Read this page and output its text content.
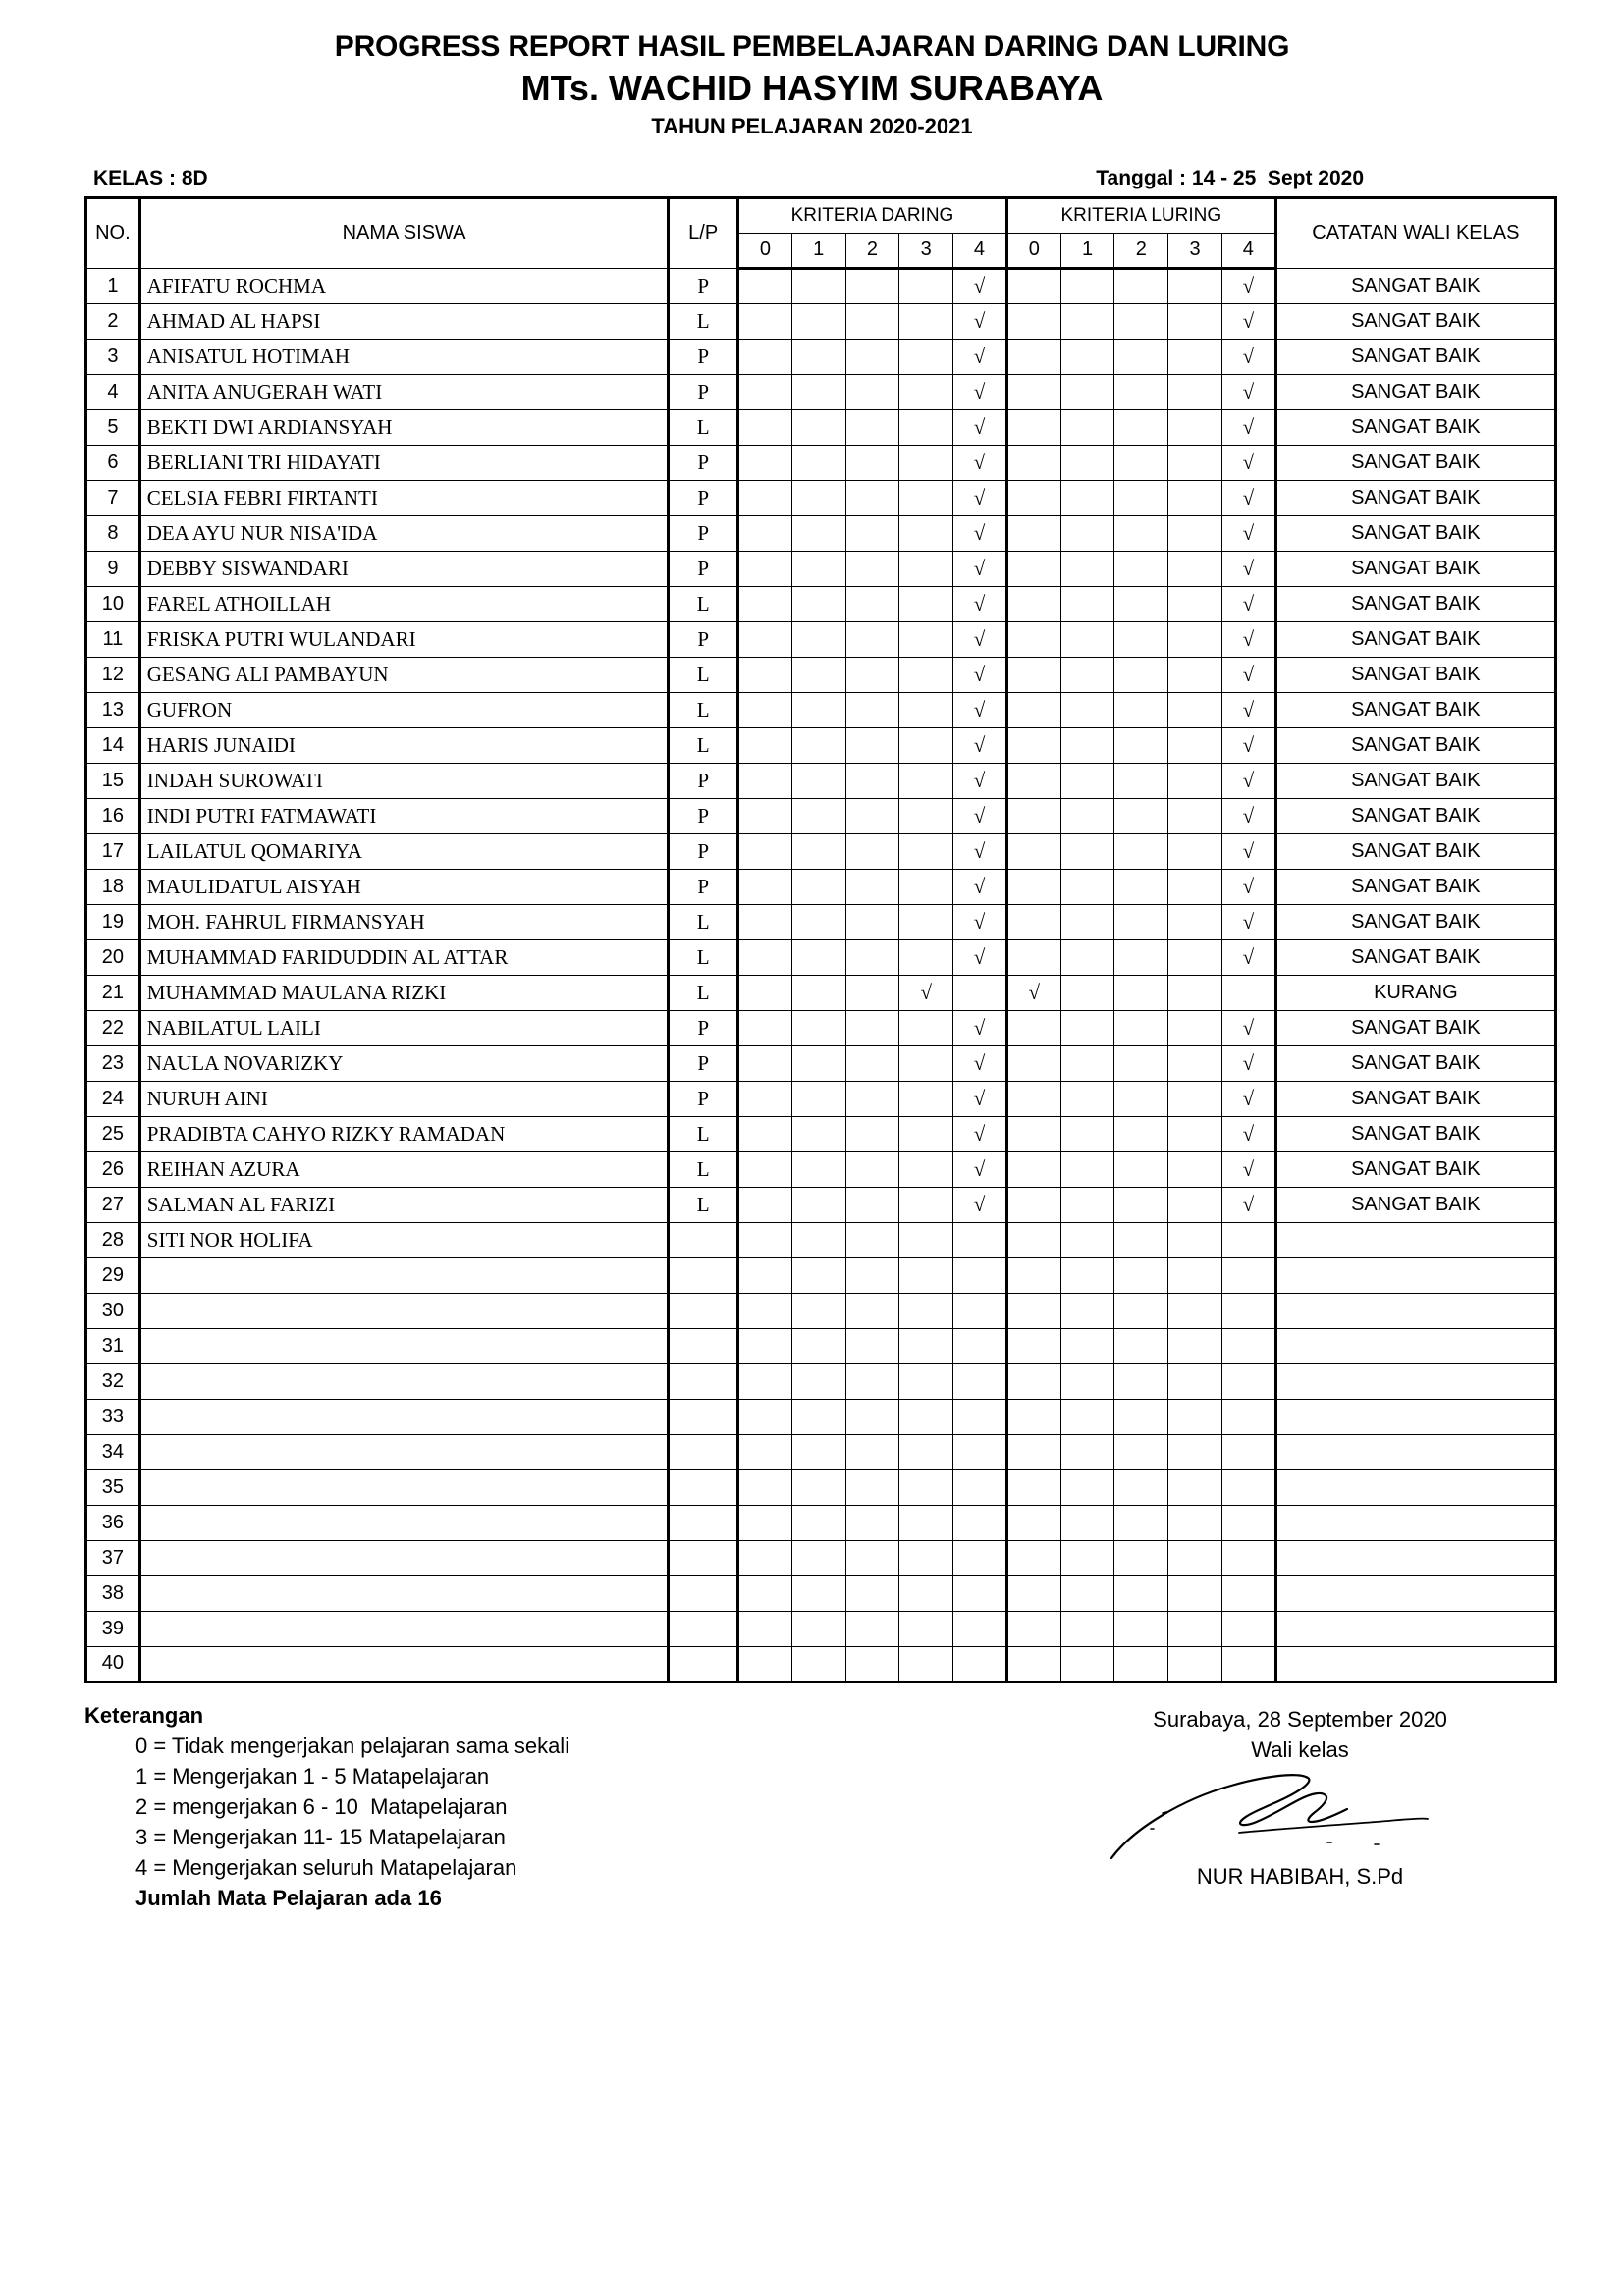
PROGRESS REPORT HASIL PEMBELAJARAN DARING DAN LURING
MTs. WACHID HASYIM SURABAYA
TAHUN PELAJARAN 2020-2021
KELAS : 8D	Tanggal : 14 - 25  Sept 2020
NO.	NAMA SISWA	L/P	KRITERIA DARING					KRITERIA LURING					CATATAN WALI KELAS
			0	1	2	3	4	0	1	2	3	4	
1	AFIFATU ROCHMA	P					√					√	SANGAT BAIK
2	AHMAD AL HAPSI	L					√					√	SANGAT BAIK
3	ANISATUL HOTIMAH	P					√					√	SANGAT BAIK
4	ANITA ANUGERAH WATI	P					√					√	SANGAT BAIK
5	BEKTI DWI ARDIANSYAH	L					√					√	SANGAT BAIK
6	BERLIANI TRI HIDAYATI	P					√					√	SANGAT BAIK
7	CELSIA FEBRI FIRTANTI	P					√					√	SANGAT BAIK
8	DEA AYU NUR NISA'IDA	P					√					√	SANGAT BAIK
9	DEBBY SISWANDARI	P					√					√	SANGAT BAIK
10	FAREL ATHOILLAH	L					√					√	SANGAT BAIK
11	FRISKA PUTRI WULANDARI	P					√					√	SANGAT BAIK
12	GESANG ALI PAMBAYUN	L					√					√	SANGAT BAIK
13	GUFRON	L					√					√	SANGAT BAIK
14	HARIS JUNAIDI	L					√					√	SANGAT BAIK
15	INDAH SUROWATI	P					√					√	SANGAT BAIK
16	INDI PUTRI FATMAWATI	P					√					√	SANGAT BAIK
17	LAILATUL QOMARIYA	P					√					√	SANGAT BAIK
18	MAULIDATUL AISYAH	P					√					√	SANGAT BAIK
19	MOH. FAHRUL FIRMANSYAH	L					√					√	SANGAT BAIK
20	MUHAMMAD FARIDUDDIN AL ATTAR	L					√					√	SANGAT BAIK
21	MUHAMMAD MAULANA RIZKI	L				√		√					KURANG
22	NABILATUL LAILI	P					√					√	SANGAT BAIK
23	NAULA NOVARIZKY	P					√					√	SANGAT BAIK
24	NURUH AINI	P					√					√	SANGAT BAIK
25	PRADIBTA CAHYO RIZKY RAMADAN	L					√					√	SANGAT BAIK
26	REIHAN AZURA	L					√					√	SANGAT BAIK
27	SALMAN AL FARIZI	L					√					√	SANGAT BAIK
28	SITI NOR HOLIFA												
29													
30													
31													
32													
33													
34													
35													
36													
37													
38													
39													
40													
Keterangan
0 = Tidak mengerjakan pelajaran sama sekali
1 = Mengerjakan 1 - 5 Matapelajaran
2 = mengerjakan 6 - 10  Matapelajaran
3 = Mengerjakan 11- 15 Matapelajaran
4 = Mengerjakan seluruh Matapelajaran
Jumlah Mata Pelajaran ada 16
Surabaya, 28 September 2020
Wali kelas
NUR HABIBAH, S.Pd
